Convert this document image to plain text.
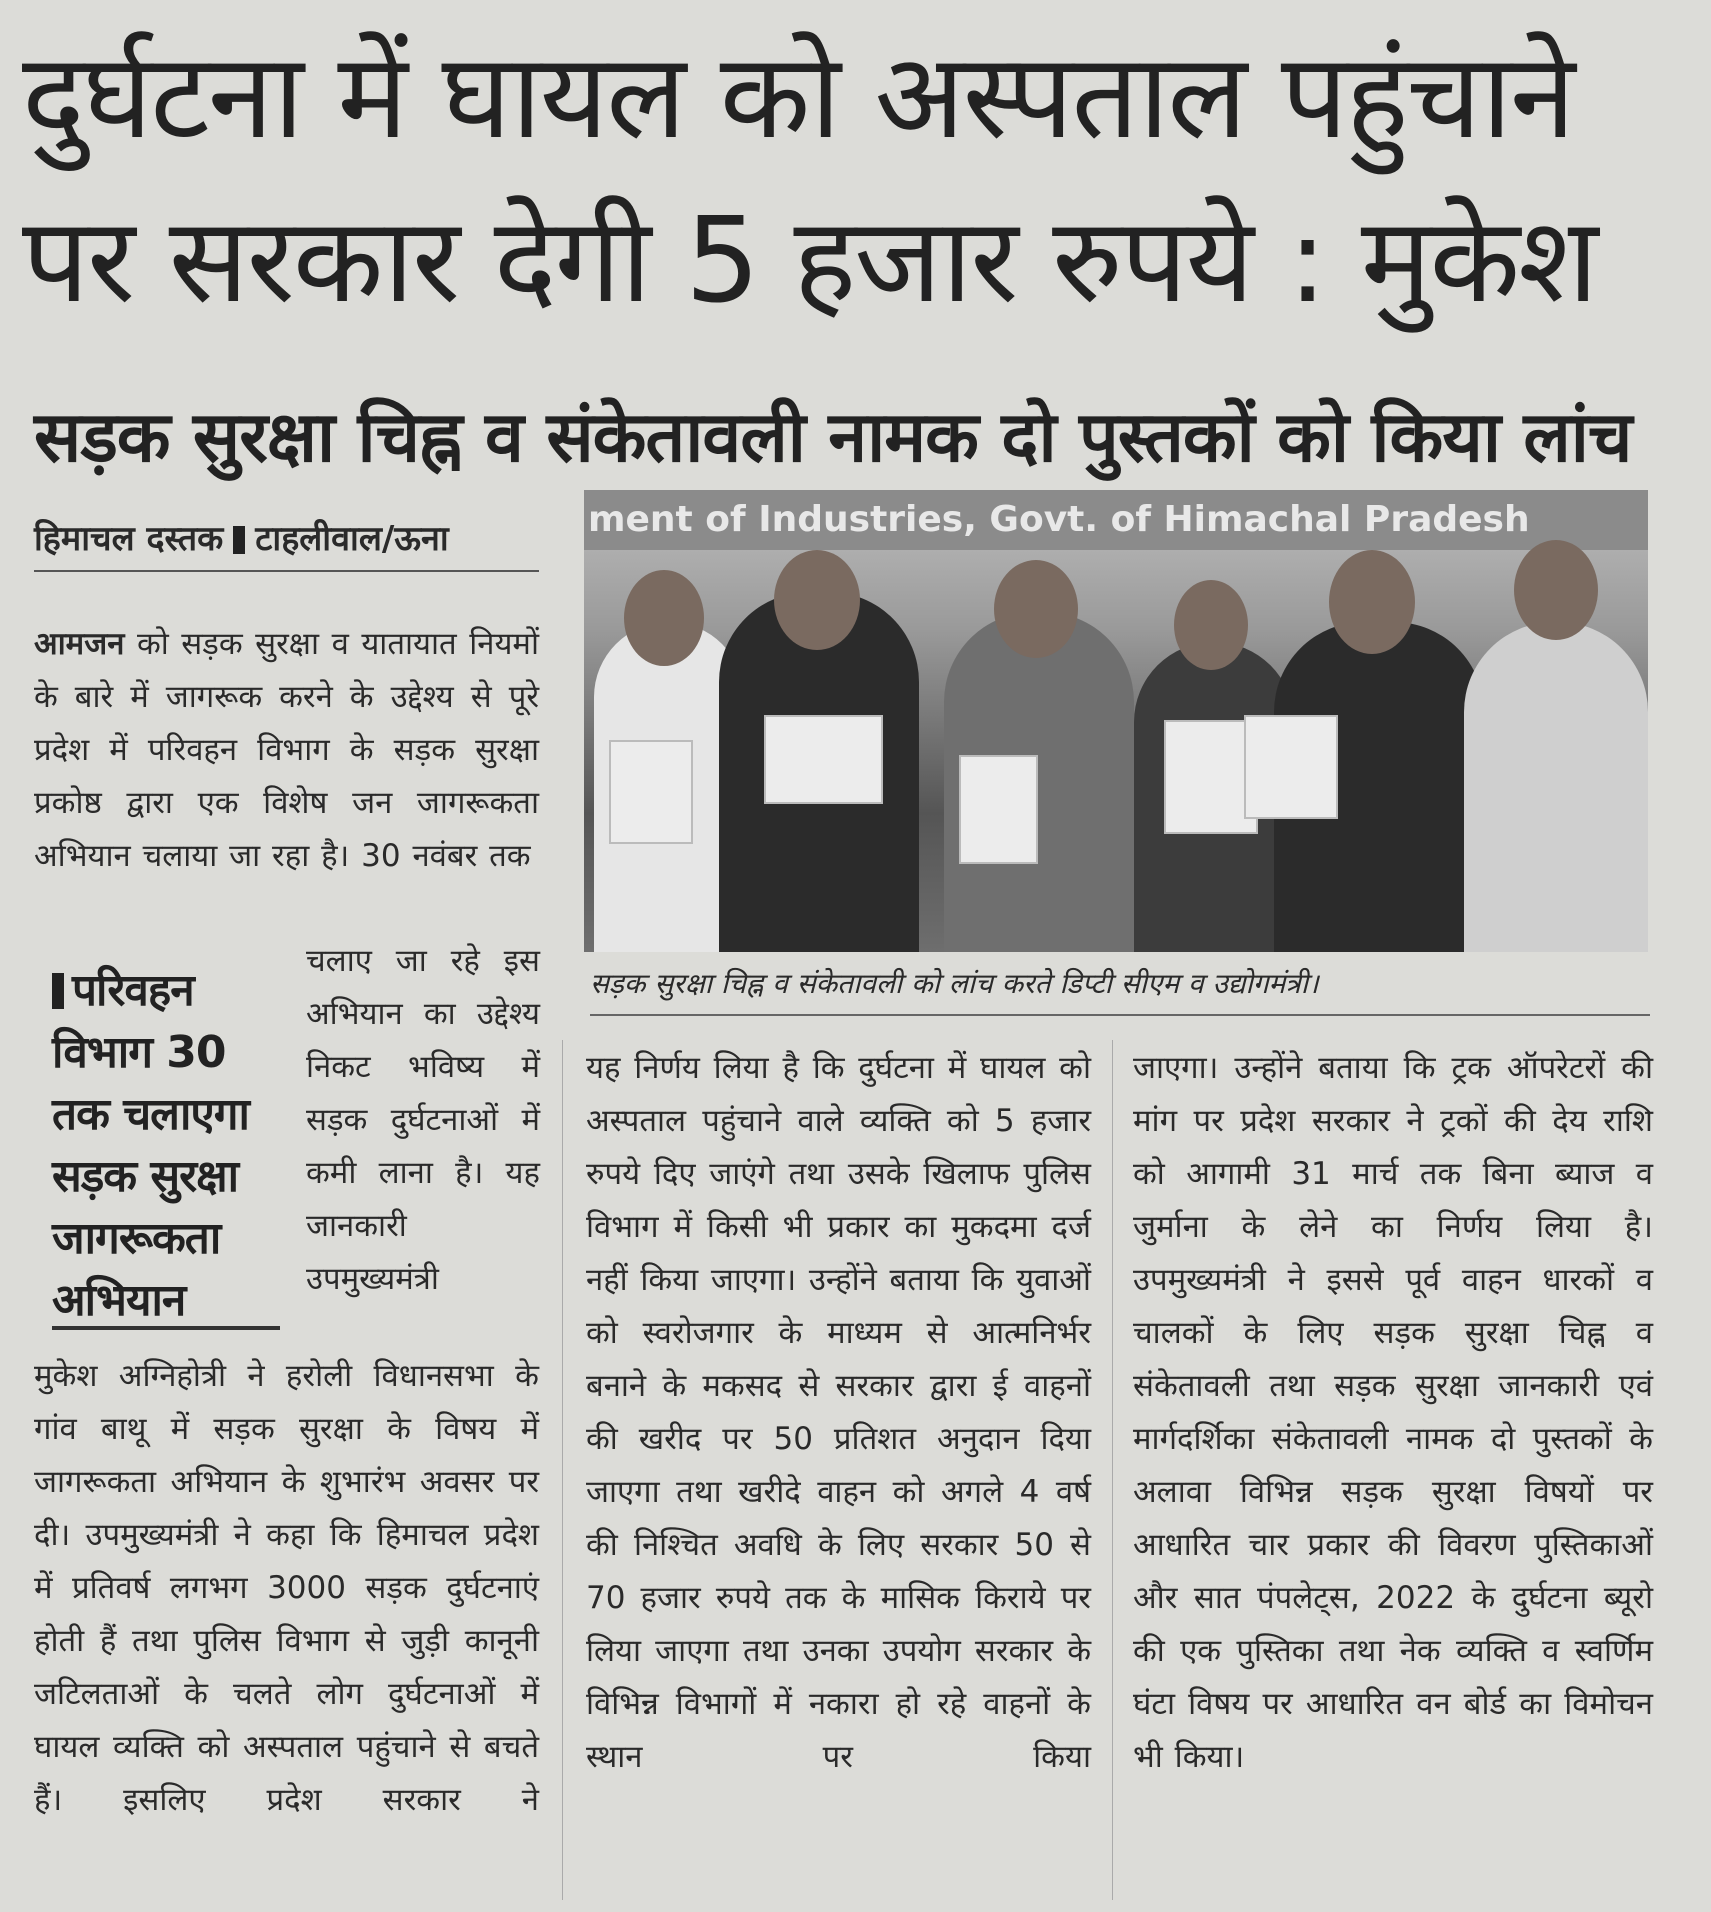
दुर्घटना में घायल को अस्पताल पहुंचाने
पर सरकार देगी 5 हजार रुपये : मुकेश
सड़क सुरक्षा चिह्न व संकेतावली नामक दो पुस्तकों को किया लांच
हिमाचल दस्तक टाहलीवाल/ऊना	ment of Industries, Govt. of Himachal Pradesh
सड़क सुरक्षा चिह्न व संकेतावली को लांच करते डिप्टी सीएम व उद्योगमंत्री।

आमजन को सड़क सुरक्षा व यातायात नियमों के बारे में जागरूक करने के उद्देश्य से पूरे प्रदेश में परिवहन विभाग के सड़क सुरक्षा प्रकोष्ठ द्वारा एक विशेष जन जागरूकता अभियान चलाया जा रहा है। 30 नवंबर तक

परिवहन
विभाग 30
तक चलाएगा
सड़क सुरक्षा
जागरूकता
अभियान

चलाए जा रहे इस अभियान का उद्देश्य निकट भविष्य में सड़क दुर्घटनाओं में कमी लाना है। यह जानकारी उपमुख्यमंत्री

मुकेश अग्निहोत्री ने हरोली विधानसभा के गांव बाथू में सड़क सुरक्षा के विषय में जागरूकता अभियान के शुभारंभ अवसर पर दी। उपमुख्यमंत्री ने कहा कि हिमाचल प्रदेश में प्रतिवर्ष लगभग 3000 सड़क दुर्घटनाएं होती हैं तथा पुलिस विभाग से जुड़ी कानूनी जटिलताओं के चलते लोग दुर्घटनाओं में घायल व्यक्ति को अस्पताल पहुंचाने से बचते हैं। इसलिए प्रदेश सरकार ने

यह निर्णय लिया है कि दुर्घटना में घायल को अस्पताल पहुंचाने वाले व्यक्ति को 5 हजार रुपये दिए जाएंगे तथा उसके खिलाफ पुलिस विभाग में किसी भी प्रकार का मुकदमा दर्ज नहीं किया जाएगा। उन्होंने बताया कि युवाओं को स्वरोजगार के माध्यम से आत्मनिर्भर बनाने के मकसद से सरकार द्वारा ई वाहनों की खरीद पर 50 प्रतिशत अनुदान दिया जाएगा तथा खरीदे वाहन को अगले 4 वर्ष की निश्चित अवधि के लिए सरकार 50 से 70 हजार रुपये तक के मासिक किराये पर लिया जाएगा तथा उनका उपयोग सरकार के विभिन्न विभागों में नकारा हो रहे वाहनों के स्थान पर किया

जाएगा। उन्होंने बताया कि ट्रक ऑपरेटरों की मांग पर प्रदेश सरकार ने ट्रकों की देय राशि को आगामी 31 मार्च तक बिना ब्याज व जुर्माना के लेने का निर्णय लिया है। उपमुख्यमंत्री ने इससे पूर्व वाहन धारकों व चालकों के लिए सड़क सुरक्षा चिह्न व संकेतावली तथा सड़क सुरक्षा जानकारी एवं मार्गदर्शिका संकेतावली नामक दो पुस्तकों के अलावा विभिन्न सड़क सुरक्षा विषयों पर आधारित चार प्रकार की विवरण पुस्तिकाओं और सात पंपलेट्स, 2022 के दुर्घटना ब्यूरो की एक पुस्तिका तथा नेक व्यक्ति व स्वर्णिम घंटा विषय पर आधारित वन बोर्ड का विमोचन भी किया।
